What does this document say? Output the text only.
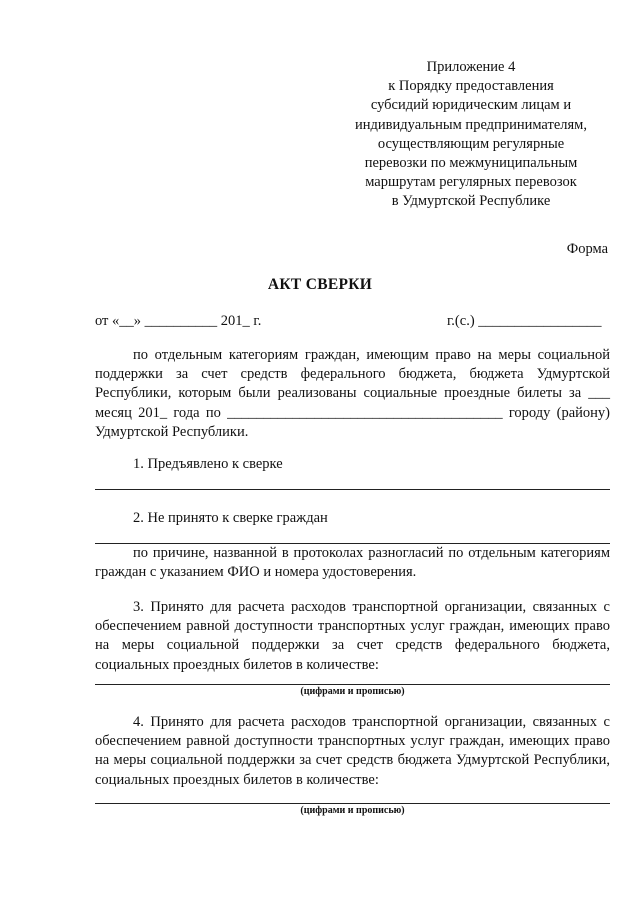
Приложение 4
к Порядку предоставления
субсидий юридическим лицам и
индивидуальным предпринимателям,
осуществляющим регулярные
перевозки по межмуниципальным
маршрутам регулярных перевозок
в Удмуртской Республике
Форма
АКТ СВЕРКИ
от «__» __________ 201_ г.	г.(с.) _________________
по отдельным категориям граждан, имеющим право на меры социальной поддержки за счет средств федерального бюджета, бюджета Удмуртской Республики, которым были реализованы социальные проездные билеты за ___ месяц 201_ года по ______________________________________ городу (району) Удмуртской Республики.
1. Предъявлено к сверке
2. Не принято к сверке граждан
по причине, названной в протоколах разногласий по отдельным категориям граждан с указанием ФИО и номера удостоверения.
3. Принято для расчета расходов транспортной организации, связанных с обеспечением равной доступности транспортных услуг граждан, имеющих право на меры социальной поддержки за счет средств федерального бюджета, социальных проездных билетов в количестве:
(цифрами и прописью)
4. Принято для расчета расходов транспортной организации, связанных с обеспечением равной доступности транспортных услуг граждан, имеющих право на меры социальной поддержки за счет средств бюджета Удмуртской Республики, социальных проездных билетов в количестве:
(цифрами и прописью)
